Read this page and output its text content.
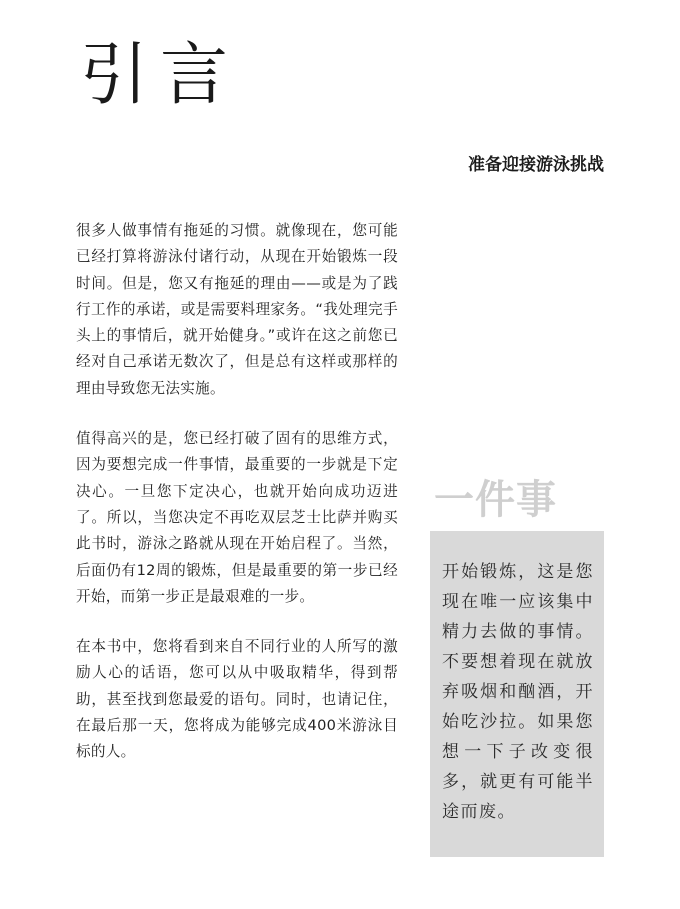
引言
准备迎接游泳挑战

很多人做事情有拖延的习惯。就像现在，您可能已经打算将游泳付诸行动，从现在开始锻炼一段时间。但是，您又有拖延的理由——或是为了践行工作的承诺，或是需要料理家务。“我处理完手头上的事情后，就开始健身。”或许在这之前您已经对自己承诺无数次了，但是总有这样或那样的理由导致您无法实施。

值得高兴的是，您已经打破了固有的思维方式，因为要想完成一件事情，最重要的一步就是下定决心。一旦您下定决心，也就开始向成功迈进了。所以，当您决定不再吃双层芝士比萨并购买此书时，游泳之路就从现在开始启程了。当然，后面仍有12周的锻炼，但是最重要的第一步已经开始，而第一步正是最艰难的一步。

在本书中，您将看到来自不同行业的人所写的激励人心的话语，您可以从中吸取精华，得到帮助，甚至找到您最爱的语句。同时，也请记住，在最后那一天，您将成为能够完成400米游泳目标的人。

一件事

开始锻炼，这是您现在唯一应该集中精力去做的事情。不要想着现在就放弃吸烟和酗酒，开始吃沙拉。如果您想一下子改变很多，就更有可能半途而废。
